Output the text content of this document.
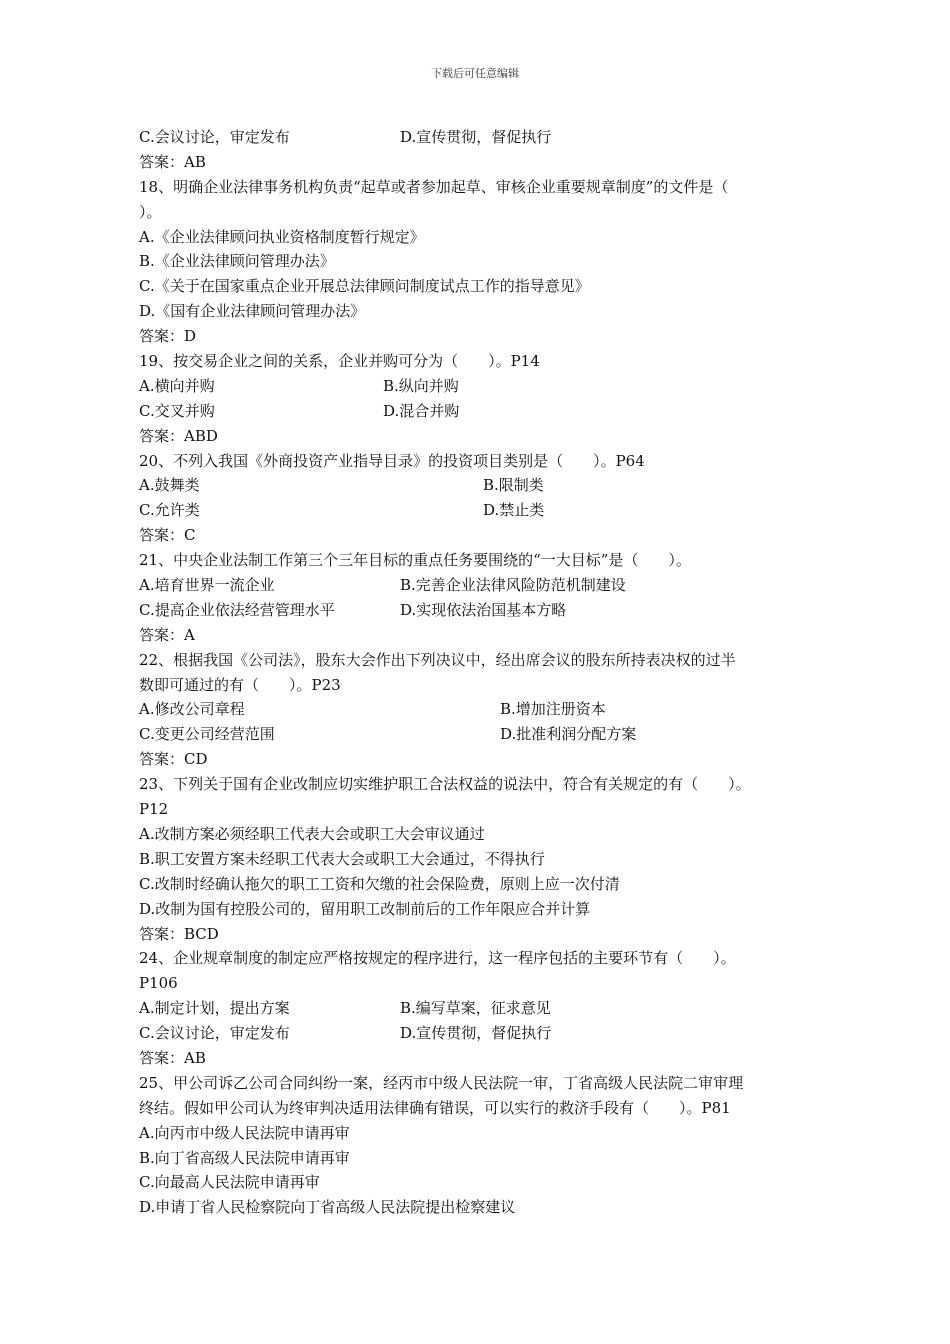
下载后可任意编辑
C.会议讨论，审定发布	D.宣传贯彻，督促执行
答案：AB
18、明确企业法律事务机构负责“起草或者参加起草、审核企业重要规章制度”的文件是（
）。
A.《企业法律顾问执业资格制度暂行规定》
B.《企业法律顾问管理办法》
C.《关于在国家重点企业开展总法律顾问制度试点工作的指导意见》
D.《国有企业法律顾问管理办法》
答案：D
19、按交易企业之间的关系，企业并购可分为（　　）。P14
A.横向并购	B.纵向并购
C.交叉并购	D.混合并购
答案：ABD
20、不列入我国《外商投资产业指导目录》的投资项目类别是（　　）。P64
A.鼓舞类	B.限制类
C.允许类	D.禁止类
答案：C
21、中央企业法制工作第三个三年目标的重点任务要围绕的“一大目标”是（　　）。
A.培育世界一流企业	B.完善企业法律风险防范机制建设
C.提高企业依法经营管理水平	D.实现依法治国基本方略
答案：A
22、根据我国《公司法》，股东大会作出下列决议中，经出席会议的股东所持表决权的过半
数即可通过的有（　　）。P23
A.修改公司章程	B.增加注册资本
C.变更公司经营范围	D.批准利润分配方案
答案：CD
23、下列关于国有企业改制应切实维护职工合法权益的说法中，符合有关规定的有（　　）。
P12
A.改制方案必须经职工代表大会或职工大会审议通过
B.职工安置方案未经职工代表大会或职工大会通过，不得执行
C.改制时经确认拖欠的职工工资和欠缴的社会保险费，原则上应一次付清
D.改制为国有控股公司的，留用职工改制前后的工作年限应合并计算
答案：BCD
24、企业规章制度的制定应严格按规定的程序进行，这一程序包括的主要环节有（　　）。
P106
A.制定计划，提出方案	B.编写草案，征求意见
C.会议讨论，审定发布	D.宣传贯彻，督促执行
答案：AB
25、甲公司诉乙公司合同纠纷一案，经丙市中级人民法院一审，丁省高级人民法院二审审理
终结。假如甲公司认为终审判决适用法律确有错误，可以实行的救济手段有（　　）。P81
A.向丙市中级人民法院申请再审
B.向丁省高级人民法院申请再审
C.向最高人民法院申请再审
D.申请丁省人民检察院向丁省高级人民法院提出检察建议
